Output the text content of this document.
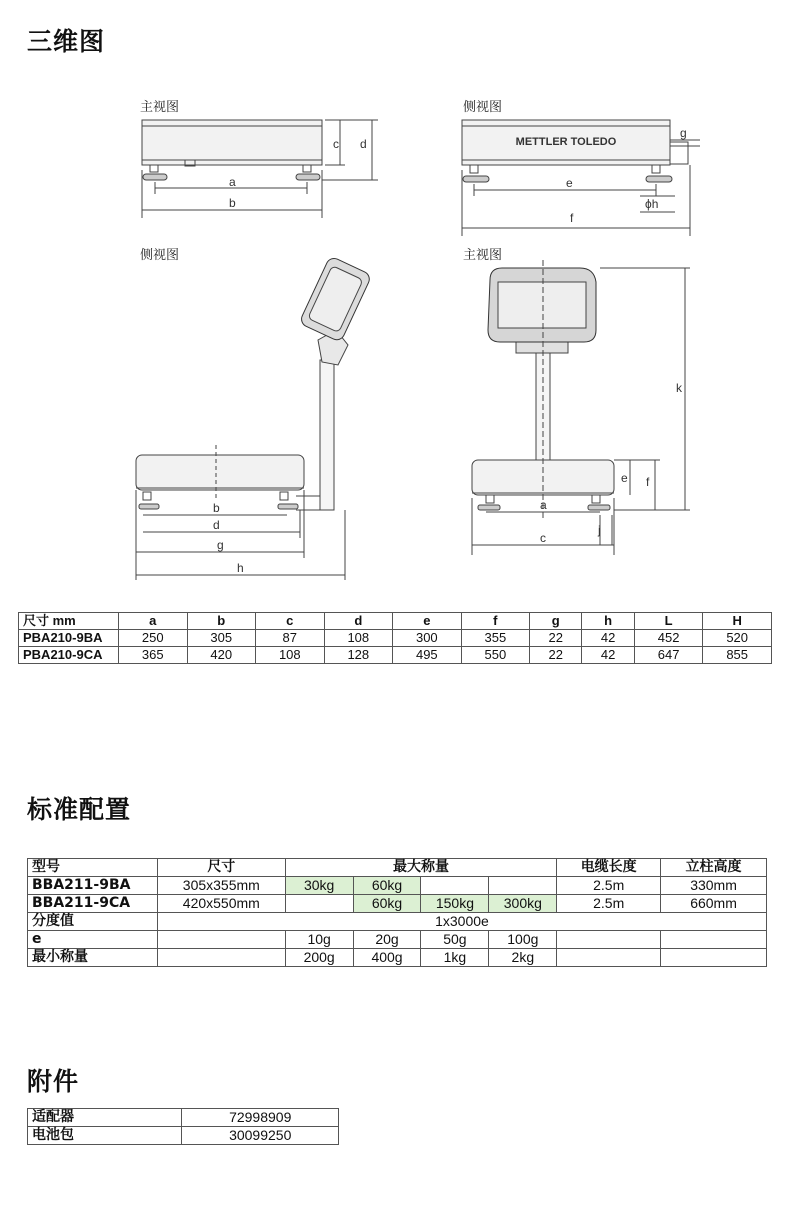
三维图
主视图	侧视图
侧视图	主视图
METTLER TOLEDO
a
b
c d
e
f
g
ϕh
b
d
g
h
a
c
e f
j
k
尺寸 mm	a	b	c	d	e	f	g	h	L	H
PBA210-9BA	250	305	87	108	300	355	22	42	452	520
PBA210-9CA	365	420	108	128	495	550	22	42	647	855
标准配置
型号	尺寸	最大称量				电缆长度	立柱高度
BBA211-9BA	305x355mm	30kg	60kg			2.5m	330mm
BBA211-9CA	420x550mm		60kg	150kg	300kg	2.5m	660mm
分度值	1x3000e						
e		10g	20g	50g	100g		
最小称量		200g	400g	1kg	2kg		
附件
适配器	72998909
电池包	30099250
